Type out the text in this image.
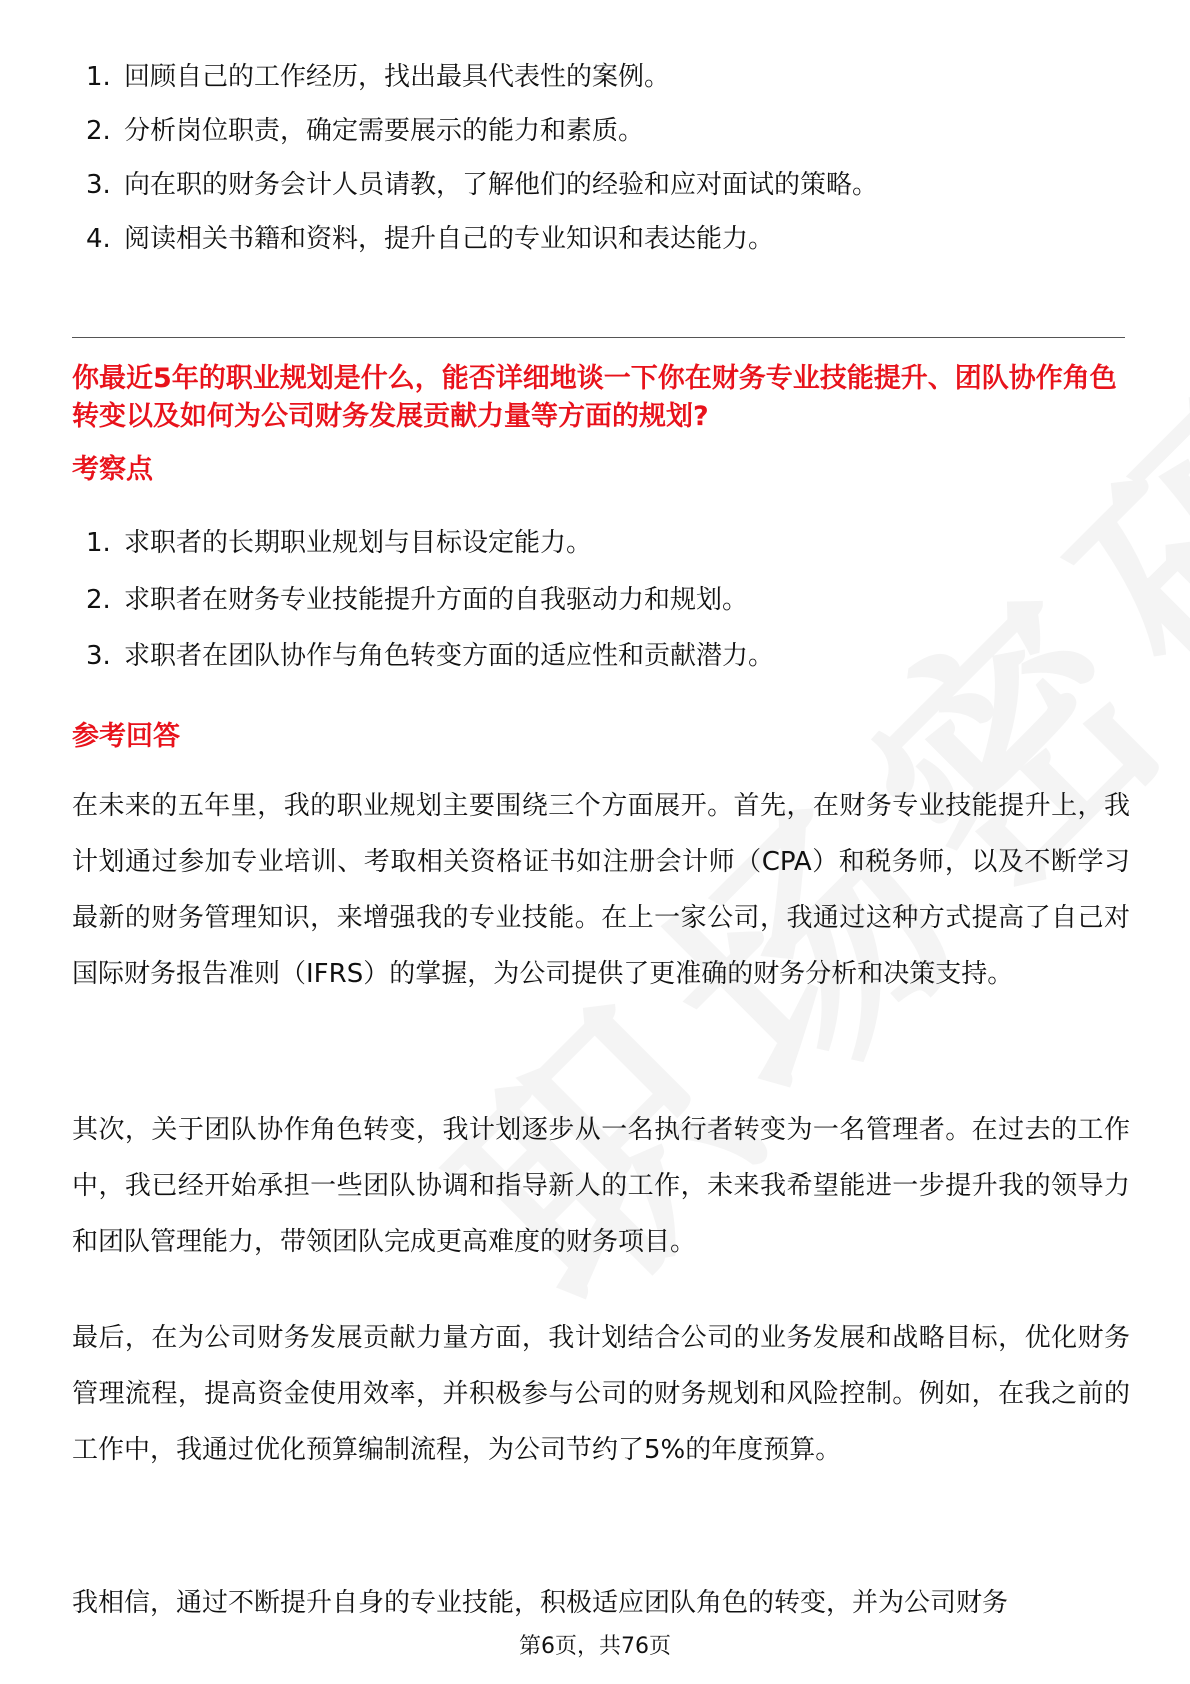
1. 回顾自己的工作经历，找出最具代表性的案例。
2. 分析岗位职责，确定需要展示的能力和素质。
3. 向在职的财务会计人员请教，了解他们的经验和应对面试的策略。
4. 阅读相关书籍和资料，提升自己的专业知识和表达能力。
你最近5年的职业规划是什么，能否详细地谈一下你在财务专业技能提升、团队协作角色转变以及如何为公司财务发展贡献力量等方面的规划?
考察点
1. 求职者的长期职业规划与目标设定能力。
2. 求职者在财务专业技能提升方面的自我驱动力和规划。
3. 求职者在团队协作与角色转变方面的适应性和贡献潜力。
参考回答

在未来的五年里，我的职业规划主要围绕三个方面展开。首先，在财务专业技能提升上，我计划通过参加专业培训、考取相关资格证书如注册会计师（CPA）和税务师，以及不断学习最新的财务管理知识，来增强我的专业技能。在上一家公司，我通过这种方式提高了自己对国际财务报告准则（IFRS）的掌握，为公司提供了更准确的财务分析和决策支持。

其次，关于团队协作角色转变，我计划逐步从一名执行者转变为一名管理者。在过去的工作中，我已经开始承担一些团队协调和指导新人的工作，未来我希望能进一步提升我的领导力和团队管理能力，带领团队完成更高难度的财务项目。

最后，在为公司财务发展贡献力量方面，我计划结合公司的业务发展和战略目标，优化财务管理流程，提高资金使用效率，并积极参与公司的财务规划和风险控制。例如，在我之前的工作中，我通过优化预算编制流程，为公司节约了5%的年度预算。

我相信，通过不断提升自身的专业技能，积极适应团队角色的转变，并为公司财务

第6页，共76页
